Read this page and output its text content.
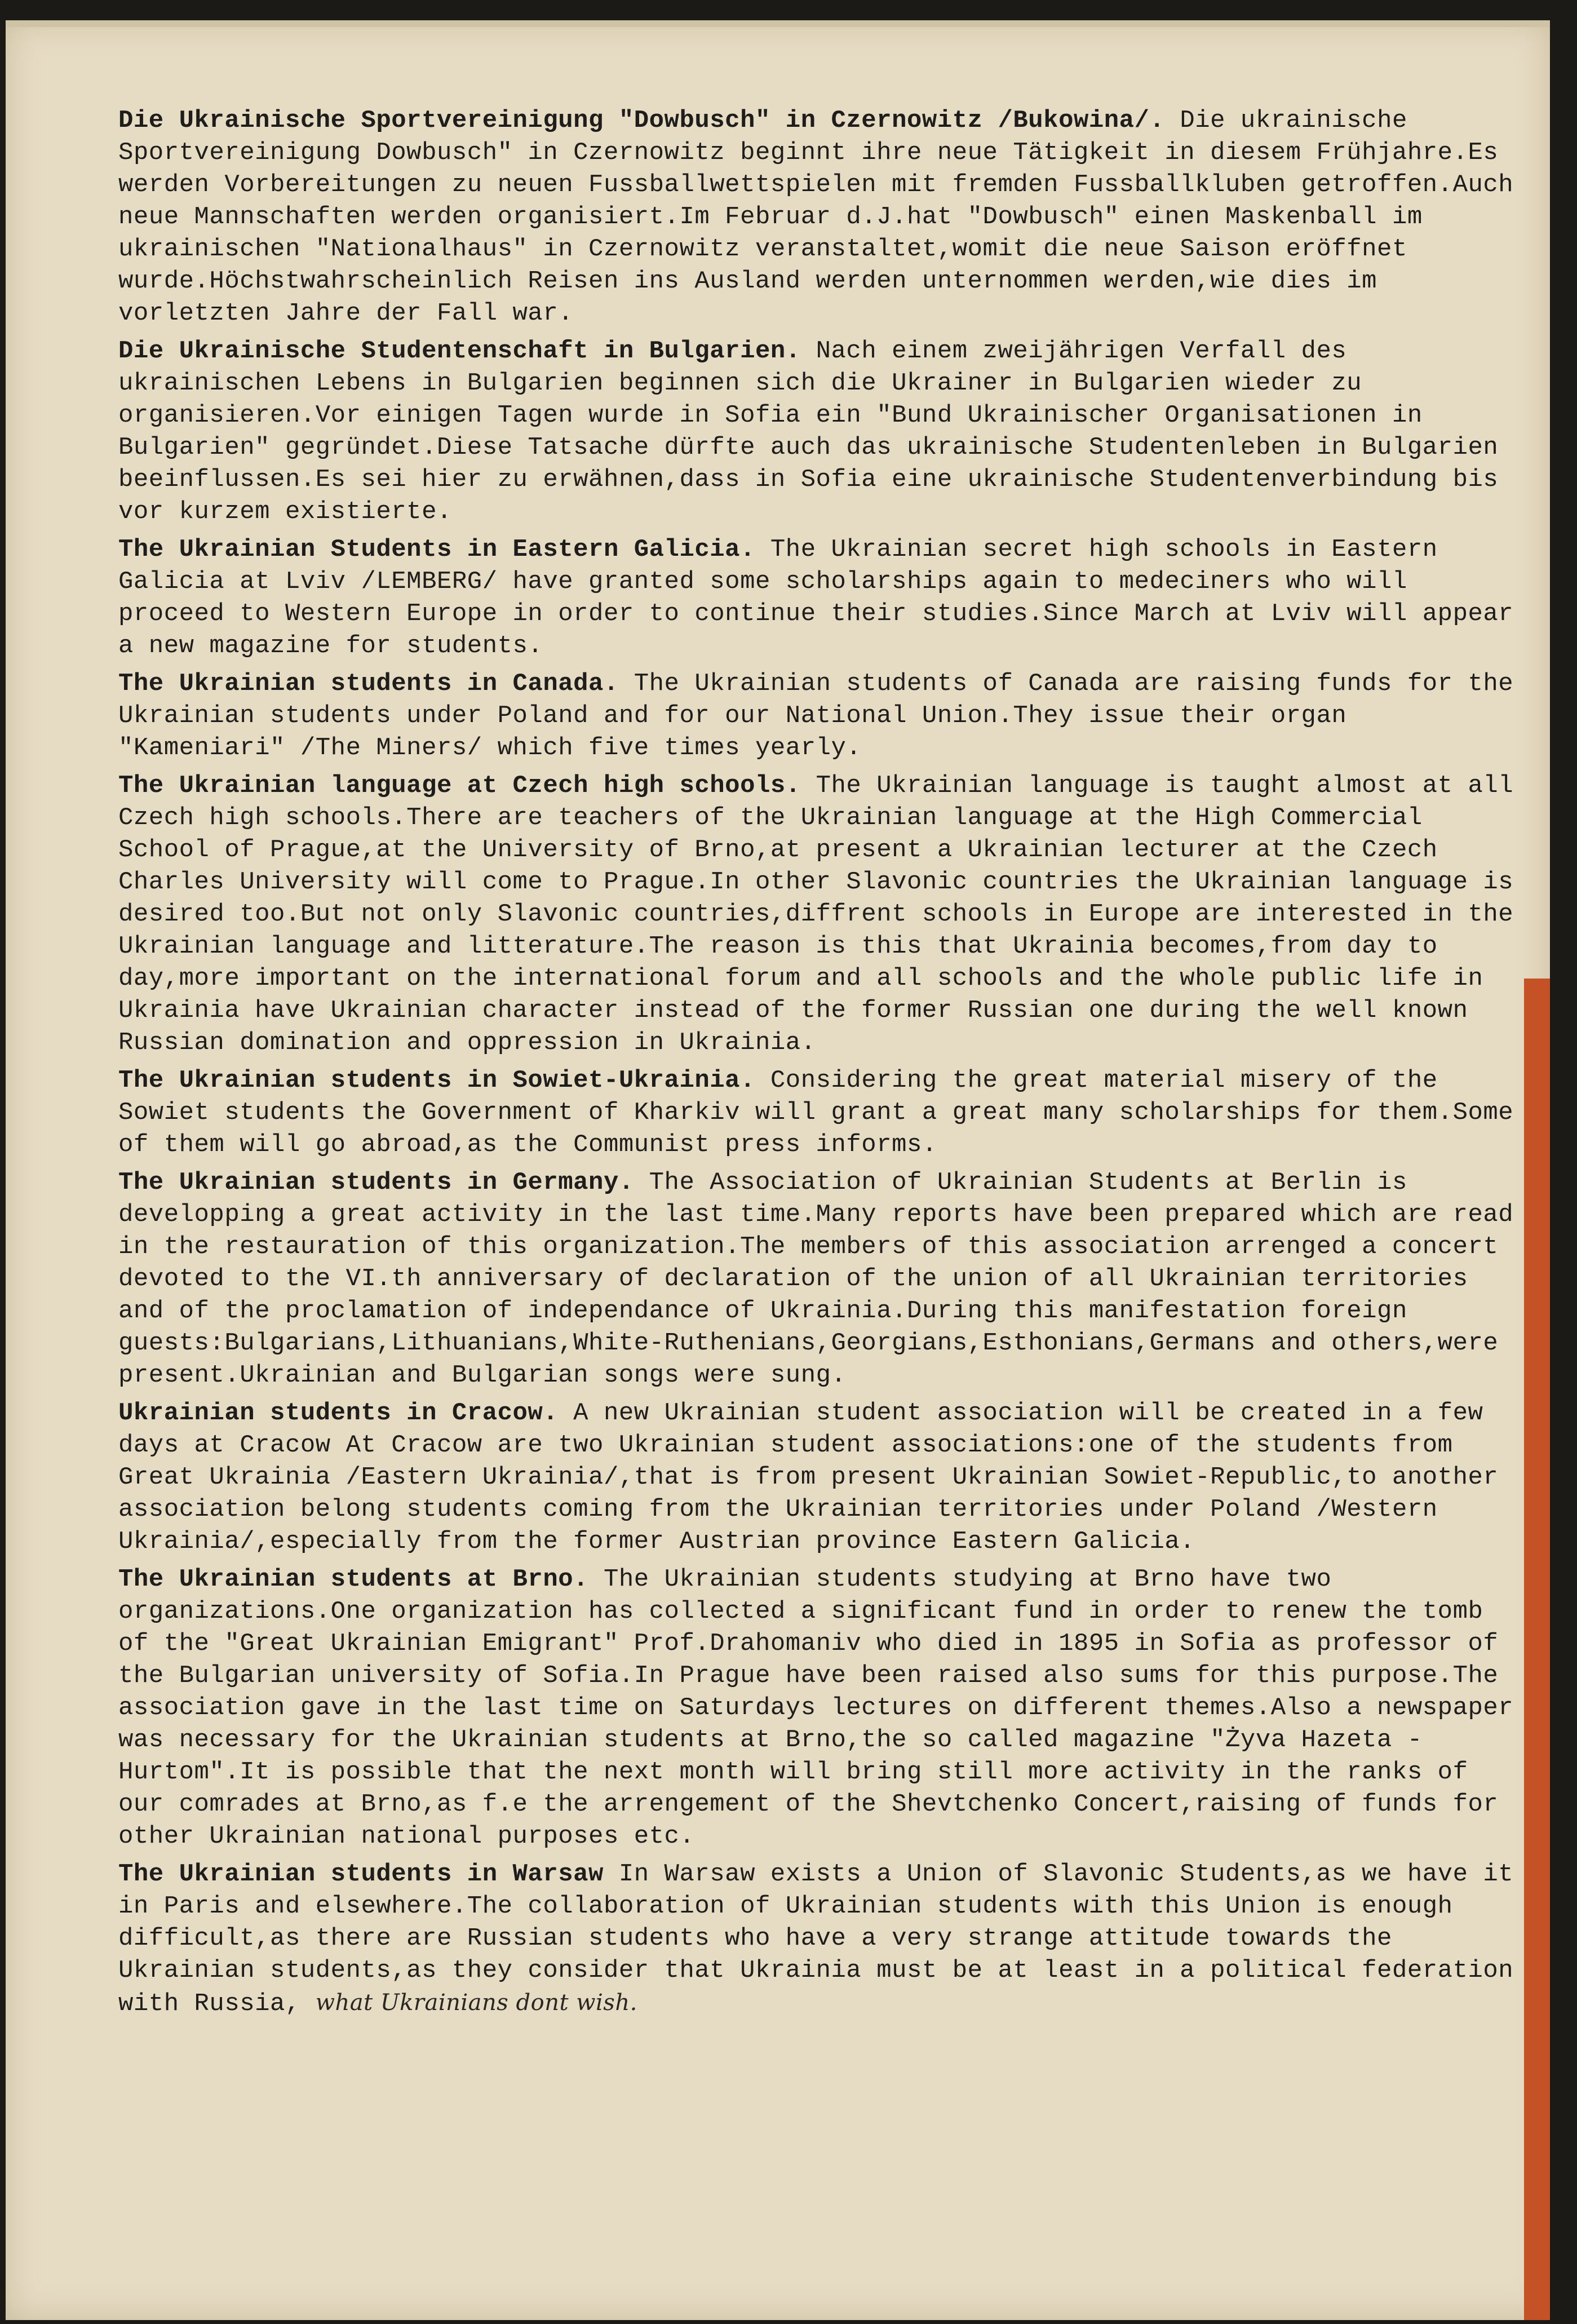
Die Ukrainische Sportvereinigung "Dowbusch" in Czernowitz /Bukowina/. Die ukrainische Sportvereinigung Dowbusch" in Czernowitz beginnt ihre neue Tätigkeit in diesem Frühjahre.Es werden Vorbereitungen zu neuen Fussballwettspielen mit fremden Fussballkluben getroffen.Auch neue Mannschaften werden organisiert.Im Februar d.J.hat "Dowbusch" einen Maskenball im ukrainischen "Nationalhaus" in Czernowitz veranstaltet,womit die neue Saison eröffnet wurde.Höchstwahrscheinlich Reisen ins Ausland werden unternommen werden,wie dies im vorletzten Jahre der Fall war.
Die Ukrainische Studentenschaft in Bulgarien. Nach einem zweijährigen Verfall des ukrainischen Lebens in Bulgarien beginnen sich die Ukrainer in Bulgarien wieder zu organisieren.Vor einigen Tagen wurde in Sofia ein "Bund Ukrainischer Organisationen in Bulgarien" gegründet.Diese Tatsache dürfte auch das ukrainische Studentenleben in Bulgarien beeinflussen.Es sei hier zu erwähnen,dass in Sofia eine ukrainische Studentenverbindung bis vor kurzem existierte.
The Ukrainian Students in Eastern Galicia. The Ukrainian secret high schools in Eastern Galicia at Lviv /LEMBERG/ have granted some scholarships again to medeciners who will proceed to Western Europe in order to continue their studies.Since March at Lviv will appear a new magazine for students.
The Ukrainian students in Canada. The Ukrainian students of Canada are raising funds for the Ukrainian students under Poland and for our National Union.They issue their organ "Kameniari" /The Miners/ which five times yearly.
The Ukrainian language at Czech high schools. The Ukrainian language is taught almost at all Czech high schools.There are teachers of the Ukrainian language at the High Commercial School of Prague,at the University of Brno,at present a Ukrainian lecturer at the Czech Charles University will come to Prague.In other Slavonic countries the Ukrainian language is desired too.But not only Slavonic countries,diffrent schools in Europe are interested in the Ukrainian language and litterature.The reason is this that Ukrainia becomes,from day to day,more important on the international forum and all schools and the whole public life in Ukrainia have Ukrainian character instead of the former Russian one during the well known Russian domination and oppression in Ukrainia.
The Ukrainian students in Sowiet-Ukrainia. Considering the great material misery of the Sowiet students the Government of Kharkiv will grant a great many scholarships for them.Some of them will go abroad,as the Communist press informs.
The Ukrainian students in Germany. The Association of Ukrainian Students at Berlin is developping a great activity in the last time.Many reports have been prepared which are read in the restauration of this organization.The members of this association arrenged a concert devoted to the VI.th anniversary of declaration of the union of all Ukrainian territories and of the proclamation of independance of Ukrainia.During this manifestation foreign guests:Bulgarians,Lithuanians,White-Ruthenians,Georgians,Esthonians,Germans and others,were present.Ukrainian and Bulgarian songs were sung.
Ukrainian students in Cracow. A new Ukrainian student association will be created in a few days at Cracow At Cracow are two Ukrainian student associations:one of the students from Great Ukrainia /Eastern Ukrainia/,that is from present Ukrainian Sowiet-Republic,to another association belong students coming from the Ukrainian territories under Poland /Western Ukrainia/,especially from the former Austrian province Eastern Galicia.
The Ukrainian students at Brno. The Ukrainian students studying at Brno have two organizations.One organization has collected a significant fund in order to renew the tomb of the "Great Ukrainian Emigrant" Prof.Drahomaniv who died in 1895 in Sofia as professor of the Bulgarian university of Sofia.In Prague have been raised also sums for this purpose.The association gave in the last time on Saturdays lectures on different themes.Also a newspaper was necessary for the Ukrainian students at Brno,the so called magazine "Żyva Hazeta - Hurtom".It is possible that the next month will bring still more activity in the ranks of our comrades at Brno,as f.e the arrengement of the Shevtchenko Concert,raising of funds for other Ukrainian national purposes etc.
The Ukrainian students in Warsaw In Warsaw exists a Union of Slavonic Students,as we have it in Paris and elsewhere.The collaboration of Ukrainian students with this Union is enough difficult,as there are Russian students who have a very strange attitude towards the Ukrainian students,as they consider that Ukrainia must be at least in a political federation with Russia, what Ukrainians dont wish.
